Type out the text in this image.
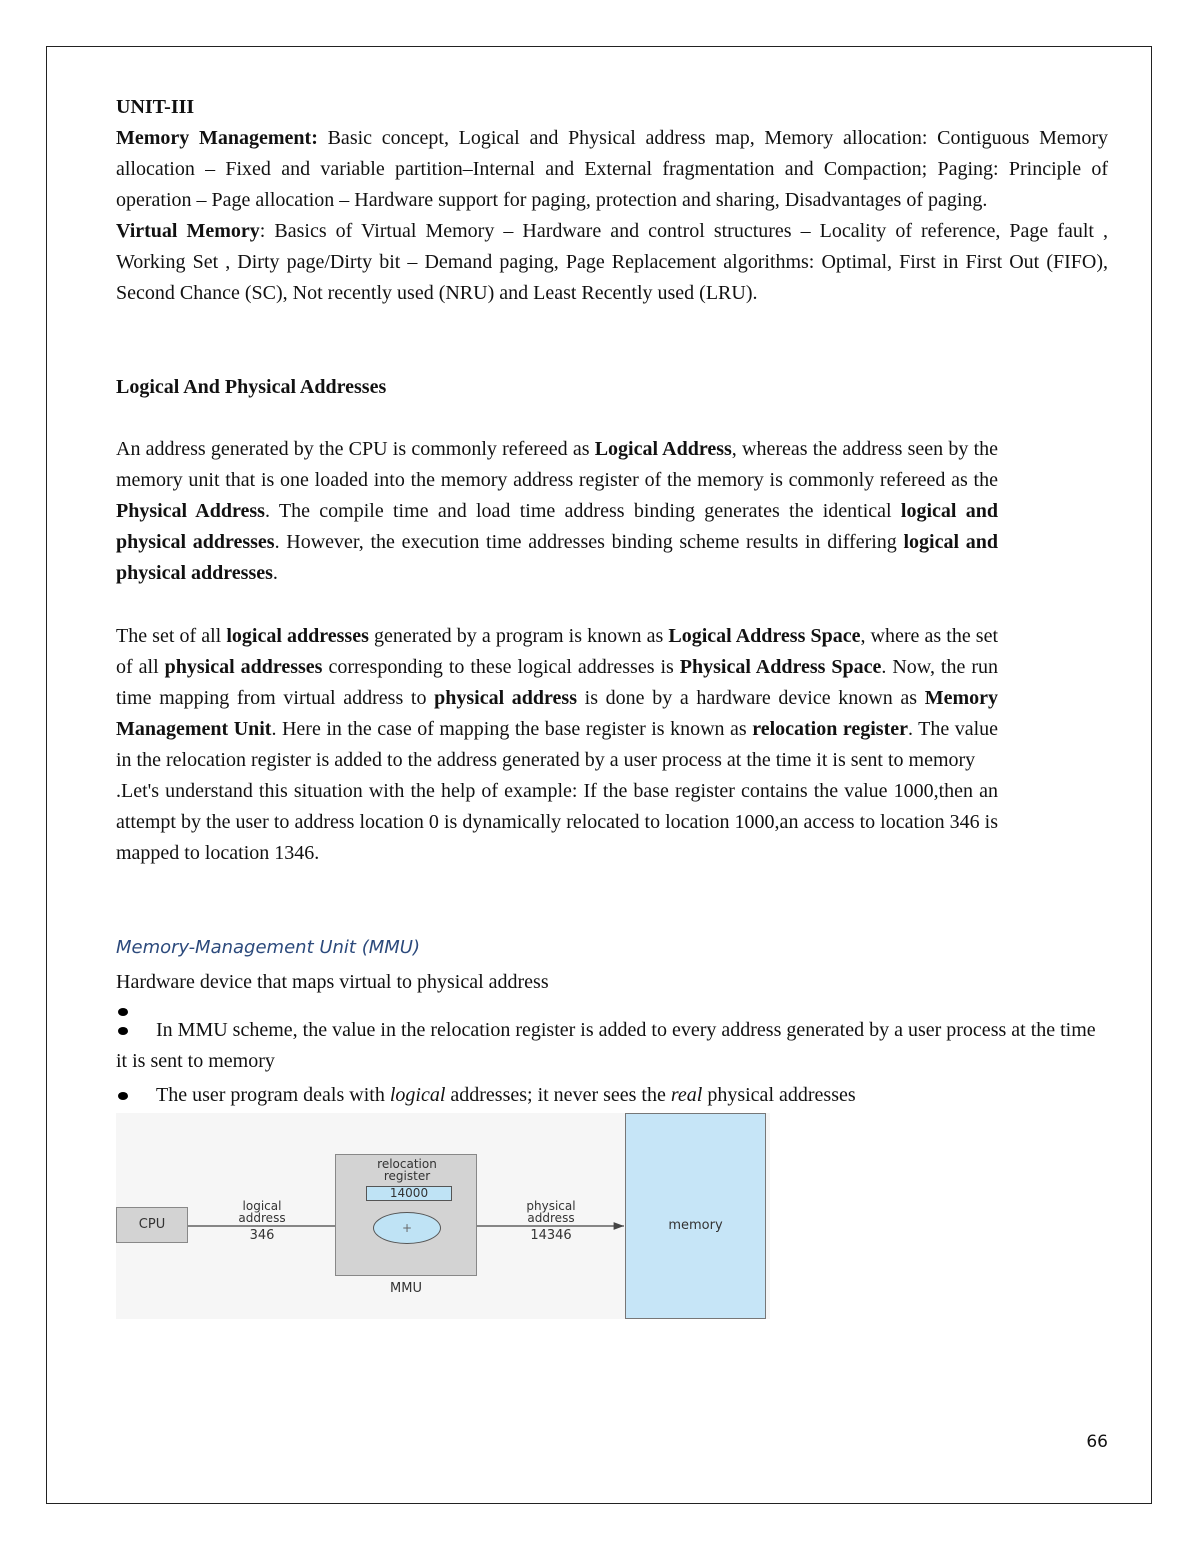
UNIT-III

Memory Management: Basic concept, Logical and Physical address map, Memory allocation: Contiguous Memory allocation – Fixed and variable partition–Internal and External fragmentation and Compaction; Paging: Principle of operation – Page allocation – Hardware support for paging, protection and sharing, Disadvantages of paging.

Virtual Memory: Basics of Virtual Memory – Hardware and control structures – Locality of reference, Page fault , Working Set , Dirty page/Dirty bit – Demand paging, Page Replacement algorithms: Optimal, First in First Out (FIFO), Second Chance (SC), Not recently used (NRU) and Least Recently used (LRU).

Logical And Physical Addresses

An address generated by the CPU is commonly refereed as Logical Address, whereas the address seen by the memory unit that is one loaded into the memory address register of the memory is commonly refereed as the Physical Address. The compile time and load time address binding generates the identical logical and physical addresses. However, the execution time addresses binding scheme results in differing logical and physical addresses.

The set of all logical addresses generated by a program is known as Logical Address Space, where as the set of all physical addresses corresponding to these logical addresses is Physical Address Space. Now, the run time mapping from virtual address to physical address is done by a hardware device known as Memory Management Unit. Here in the case of mapping the base register is known as relocation register. The value in the relocation register is added to the address generated by a user process at the time it is sent to memory

.Let's understand this situation with the help of example: If the base register contains the value 1000,then an attempt by the user to address location 0 is dynamically relocated to location 1000,an access to location 346 is mapped to location 1346.

Memory-Management Unit (MMU)

Hardware device that maps virtual to physical address

In MMU scheme, the value in the relocation register is added to every address generated by a user process at the time it is sent to memory
The user program deals with logical addresses; it never sees the real physical addresses
CPU
logical address
346
relocation register
14000
+
MMU
physical address
14346
memory
66
